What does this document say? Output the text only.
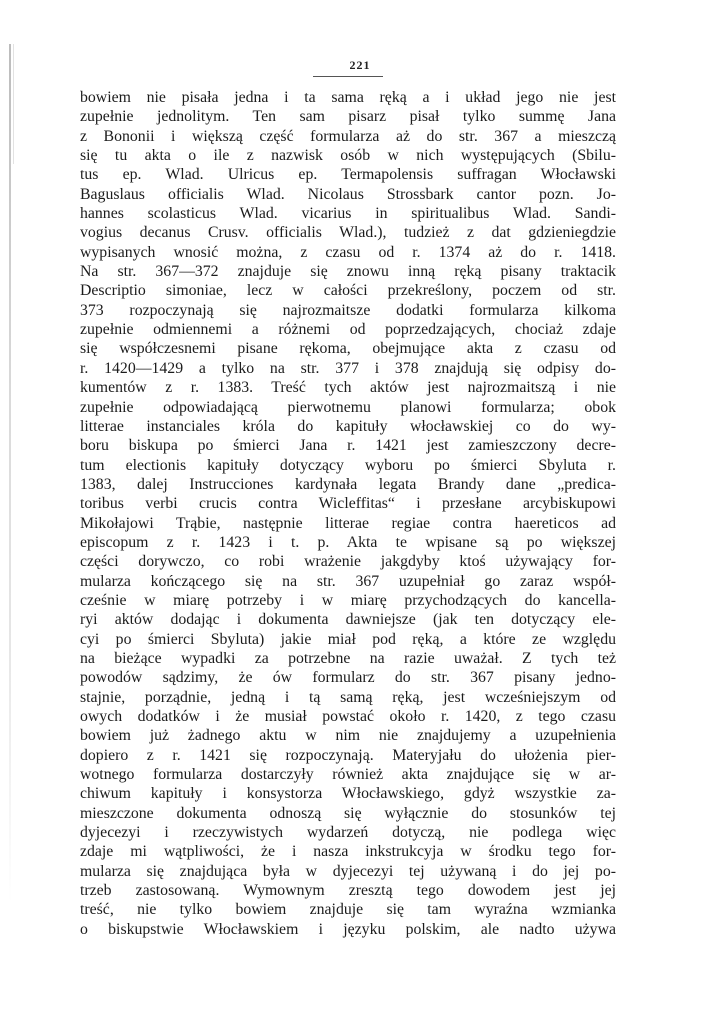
221
bowiem nie pisała jedna i ta sama ręką a i układ jego nie jest
zupełnie jednolitym. Ten sam pisarz pisał tylko summę Jana
z Bononii i większą część formularza aż do str. 367 a mieszczą
się tu akta o ile z nazwisk osób w nich występujących (Sbilu-
tus ep. Wlad. Ulricus ep. Termapolensis suffragan Włocławski
Baguslaus officialis Wlad. Nicolaus Strossbark cantor pozn. Jo-
hannes scolasticus Wlad. vicarius in spiritualibus Wlad. Sandi-
vogius decanus Crusv. officialis Wlad.), tudzież z dat gdzieniegdzie
wypisanych wnosić można, z czasu od r. 1374 aż do r. 1418.
Na str. 367—372 znajduje się znowu inną ręką pisany traktacik
Descriptio simoniae, lecz w całości przekreślony, poczem od str.
373 rozpoczynają się najrozmaitsze dodatki formularza kilkoma
zupełnie odmiennemi a różnemi od poprzedzających, chociaż zdaje
się współczesnemi pisane rękoma, obejmujące akta z czasu od
r. 1420—1429 a tylko na str. 377 i 378 znajdują się odpisy do-
kumentów z r. 1383. Treść tych aktów jest najrozmaitszą i nie
zupełnie odpowiadającą pierwotnemu planowi formularza; obok
litterae instanciales króla do kapituły włocławskiej co do wy-
boru biskupa po śmierci Jana r. 1421 jest zamieszczony decre-
tum electionis kapituły dotyczący wyboru po śmierci Sbyluta r.
1383, dalej Instrucciones kardynała legata Brandy dane „predica-
toribus verbi crucis contra Wicleffitas“ i przesłane arcybiskupowi
Mikołajowi Trąbie, następnie litterae regiae contra haereticos ad
episcopum z r. 1423 i t. p. Akta te wpisane są po większej
części dorywczo, co robi wrażenie jakgdyby ktoś używający for-
mularza kończącego się na str. 367 uzupełniał go zaraz współ-
cześnie w miarę potrzeby i w miarę przychodzących do kancella-
ryi aktów dodając i dokumenta dawniejsze (jak ten dotyczący ele-
cyi po śmierci Sbyluta) jakie miał pod ręką, a które ze względu
na bieżące wypadki za potrzebne na razie uważał. Z tych też
powodów sądzimy, że ów formularz do str. 367 pisany jedno-
stajnie, porządnie, jedną i tą samą ręką, jest wcześniejszym od
owych dodatków i że musiał powstać około r. 1420, z tego czasu
bowiem już żadnego aktu w nim nie znajdujemy a uzupełnienia
dopiero z r. 1421 się rozpoczynają. Materyjału do ułożenia pier-
wotnego formularza dostarczyły również akta znajdujące się w ar-
chiwum kapituły i konsystorza Włocławskiego, gdyż wszystkie za-
mieszczone dokumenta odnoszą się wyłącznie do stosunków tej
dyjecezyi i rzeczywistych wydarzeń dotyczą, nie podlega więc
zdaje mi wątpliwości, że i nasza inkstrukcyja w środku tego for-
mularza się znajdująca była w dyjecezyi tej używaną i do jej po-
trzeb zastosowaną. Wymownym zresztą tego dowodem jest jej
treść, nie tylko bowiem znajduje się tam wyraźna wzmianka
o biskupstwie Włocławskiem i języku polskim, ale nadto używa
